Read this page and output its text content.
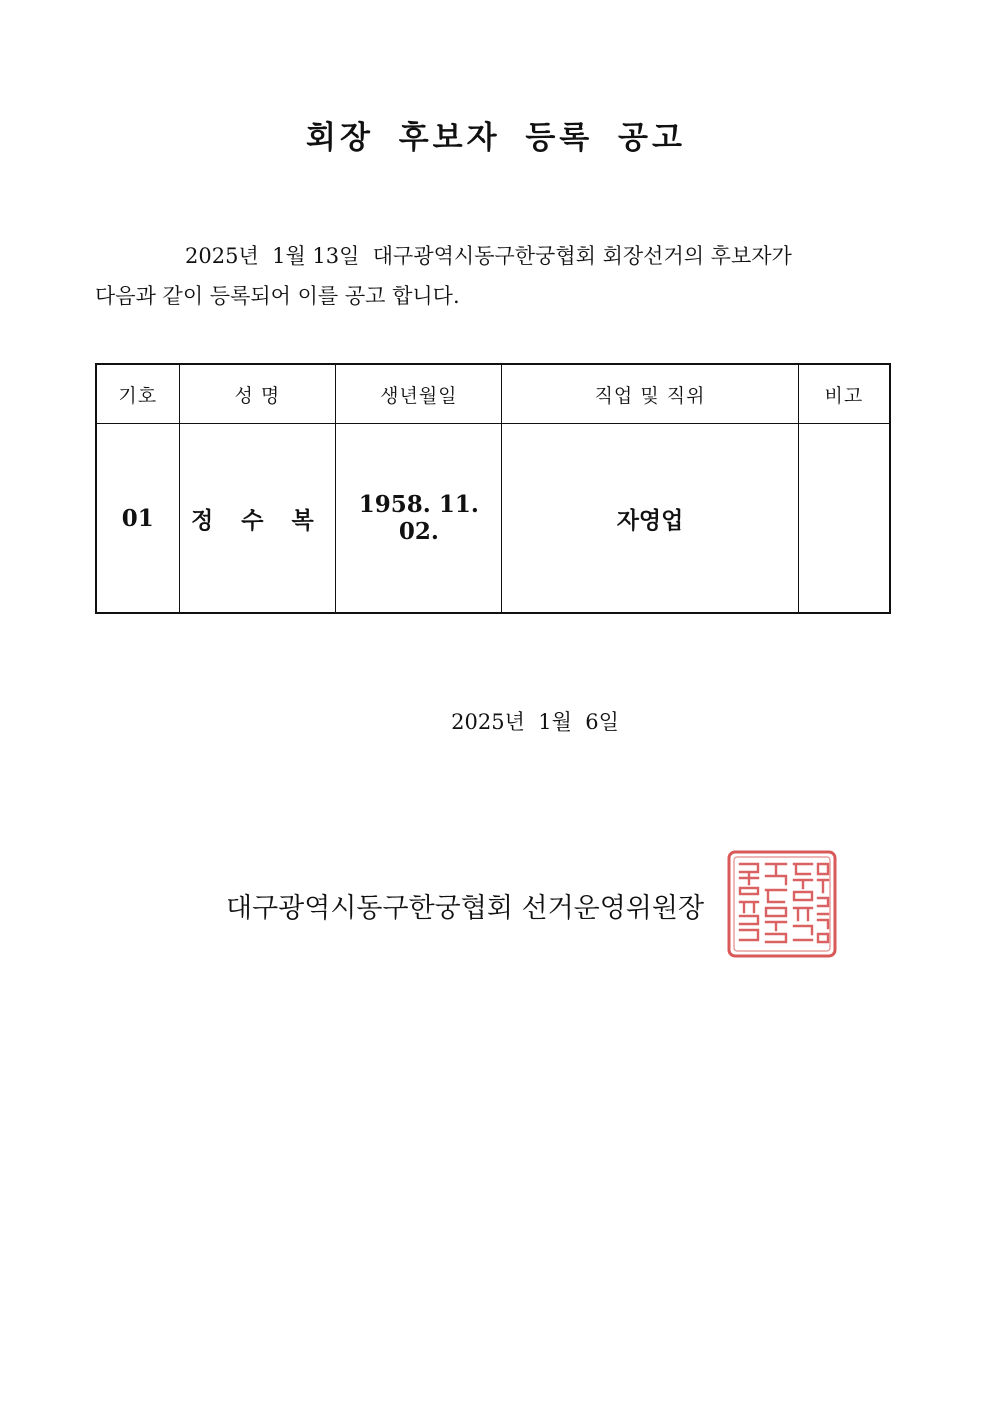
회장 후보자 등록 공고
2025년  1월 13일  대구광역시동구한궁협회 회장선거의 후보자가
다음과 같이 등록되어 이를 공고 합니다.
기호	성 명	생년월일	직업 및 직위	비고
01	정 수 복	1958. 11. 02.	자영업	
2025년  1월  6일
대구광역시동구한궁협회 선거운영위원장
